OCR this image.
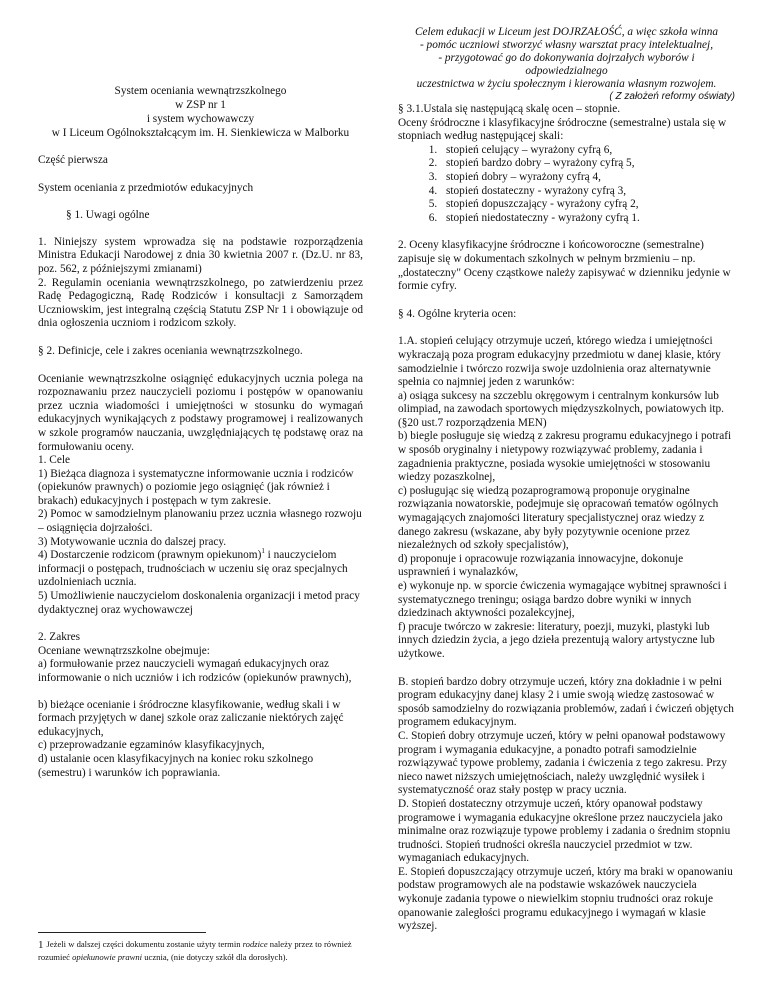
System oceniania wewnątrzszkolnego

w ZSP nr 1

i system wychowawczy

w I Liceum Ogólnokształcącym im. H. Sienkiewicza w Malborku

Część pierwsza

System oceniania z przedmiotów edukacyjnych

§ 1. Uwagi ogólne

1. Niniejszy system wprowadza się na podstawie rozporządzenia Ministra Edukacji Narodowej z dnia 30 kwietnia 2007 r. (Dz.U. nr 83, poz. 562, z późniejszymi zmianami)

2. Regulamin oceniania wewnątrzszkolnego, po zatwierdzeniu przez Radę Pedagogiczną, Radę Rodziców i konsultacji z Samorządem Uczniowskim, jest integralną częścią Statutu ZSP Nr 1 i obowiązuje od dnia ogłoszenia uczniom i rodzicom szkoły.

§ 2. Definicje, cele i zakres oceniania wewnątrzszkolnego.

Ocenianie wewnątrzszkolne osiągnięć edukacyjnych ucznia polega na rozpoznawaniu przez nauczycieli poziomu i postępów w opanowaniu przez ucznia wiadomości i umiejętności w stosunku do wymagań edukacyjnych wynikających z podstawy programowej i realizowanych w szkole programów nauczania, uwzględniających tę podstawę oraz na formułowaniu oceny.

1. Cele

1) Bieżąca diagnoza i systematyczne informowanie ucznia i rodziców (opiekunów prawnych) o poziomie jego osiągnięć (jak również i brakach) edukacyjnych i postępach w tym zakresie.

2) Pomoc w samodzielnym planowaniu przez ucznia własnego rozwoju – osiągnięcia dojrzałości.

3) Motywowanie ucznia do dalszej pracy.

4) Dostarczenie rodzicom (prawnym opiekunom)$^1$ i nauczycielom informacji o postępach, trudnościach w uczeniu się oraz specjalnych uzdolnieniach ucznia.

5) Umożliwienie nauczycielom doskonalenia organizacji i metod pracy dydaktycznej oraz wychowawczej

2. Zakres

Oceniane wewnątrzszkolne obejmuje:

a) formułowanie przez nauczycieli wymagań edukacyjnych oraz informowanie o nich uczniów i ich rodziców (opiekunów prawnych),

b) bieżące ocenianie i śródroczne klasyfikowanie, według skali i w formach przyjętych w danej szkole oraz zaliczanie niektórych zajęć edukacyjnych,

c) przeprowadzanie egzaminów klasyfikacyjnych,

d) ustalanie ocen klasyfikacyjnych na koniec roku szkolnego (semestru) i warunków ich poprawiania.

1 Jeżeli w dalszej części dokumentu zostanie użyty termin rodzice należy przez to również rozumieć opiekunowie prawni ucznia, (nie dotyczy szkół dla dorosłych).

Celem edukacji w Liceum jest DOJRZAŁOŚĆ, a więc szkoła winna

- pomóc uczniowi stworzyć własny warsztat pracy intelektualnej,

- przygotować go do dokonywania dojrzałych wyborów i odpowiedzialnego

uczestnictwa w życiu społecznym i kierowania własnym rozwojem.

( Z założeń reformy oświaty)

§ 3.1.Ustala się następującą skalę ocen – stopnie.

Oceny śródroczne i klasyfikacyjne śródroczne (semestralne) ustala się w stopniach według następującej skali:

1. stopień celujący – wyrażony cyfrą 6,
2. stopień bardzo dobry – wyrażony cyfrą 5,
3. stopień dobry – wyrażony cyfrą 4,
4. stopień dostateczny - wyrażony cyfrą 3,
5. stopień dopuszczający - wyrażony cyfrą 2,
6. stopień niedostateczny - wyrażony cyfrą 1.

2. Oceny klasyfikacyjne śródroczne i końcoworoczne (semestralne) zapisuje się w dokumentach szkolnych w pełnym brzmieniu – np. „dostateczny" Oceny cząstkowe należy zapisywać w dzienniku jedynie w formie cyfry.

§ 4. Ogólne kryteria ocen:

1.A. stopień celujący otrzymuje uczeń, którego wiedza i umiejętności wykraczają poza program edukacyjny przedmiotu w danej klasie, który samodzielnie i twórczo rozwija swoje uzdolnienia oraz alternatywnie spełnia co najmniej jeden z warunków:

a) osiąga sukcesy na szczeblu okręgowym i centralnym konkursów lub olimpiad, na zawodach sportowych międzyszkolnych, powiatowych itp. (§20 ust.7 rozporządzenia MEN)

b) biegle posługuje się wiedzą z zakresu programu edukacyjnego i potrafi w sposób oryginalny i nietypowy rozwiązywać problemy, zadania i zagadnienia praktyczne, posiada wysokie umiejętności w stosowaniu wiedzy pozaszkolnej,

c) posługując się wiedzą pozaprogramową proponuje oryginalne rozwiązania nowatorskie, podejmuje się opracowań tematów ogólnych wymagających znajomości literatury specjalistycznej oraz wiedzy z danego zakresu (wskazane, aby były pozytywnie ocenione przez niezależnych od szkoły specjalistów),

d) proponuje i opracowuje rozwiązania innowacyjne, dokonuje usprawnień i wynalazków,

e) wykonuje np. w sporcie ćwiczenia wymagające wybitnej sprawności i systematycznego treningu; osiąga bardzo dobre wyniki w innych dziedzinach aktywności pozalekcyjnej,

f) pracuje twórczo w zakresie: literatury, poezji, muzyki, plastyki lub innych dziedzin życia, a jego dzieła prezentują walory artystyczne lub użytkowe.

B. stopień bardzo dobry otrzymuje uczeń, który zna dokładnie i w pełni program edukacyjny danej klasy 2 i umie swoją wiedzę zastosować w sposób samodzielny do rozwiązania problemów, zadań i ćwiczeń objętych programem edukacyjnym.

C. Stopień dobry otrzymuje uczeń, który w pełni opanował podstawowy program i wymagania edukacyjne, a ponadto potrafi samodzielnie rozwiązywać typowe problemy, zadania i ćwiczenia z tego zakresu. Przy nieco nawet niższych umiejętnościach, należy uwzględnić wysiłek i systematyczność oraz stały postęp w pracy ucznia.

D. Stopień dostateczny otrzymuje uczeń, który opanował podstawy programowe i wymagania edukacyjne określone przez nauczyciela jako minimalne oraz rozwiązuje typowe problemy i zadania o średnim stopniu trudności. Stopień trudności określa nauczyciel przedmiot w tzw. wymaganiach edukacyjnych.

E. Stopień dopuszczający otrzymuje uczeń, który ma braki w opanowaniu podstaw programowych ale na podstawie wskazówek nauczyciela wykonuje zadania typowe o niewielkim stopniu trudności oraz rokuje opanowanie zaległości programu edukacyjnego i wymagań w klasie wyższej.
